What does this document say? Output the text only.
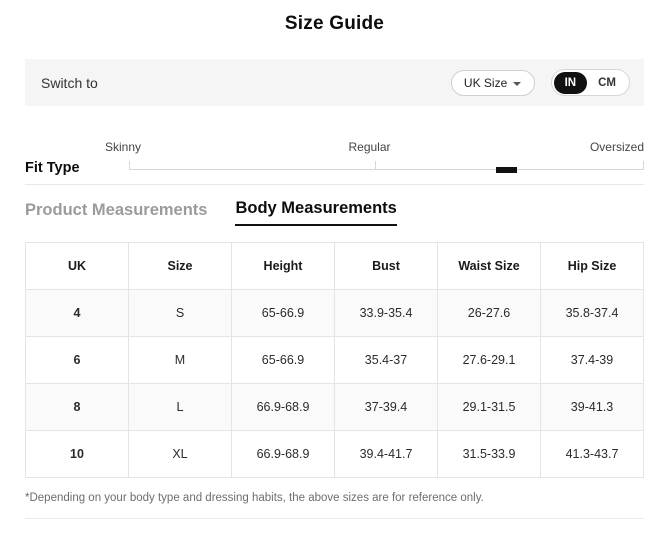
Size Guide
Switch to	UK Size	IN	CM
Fit Type
Skinny	Regular	Oversized
Product Measurements Body Measurements
UK	Size	Height	Bust	Waist Size	Hip Size
4	S	65-66.9	33.9-35.4	26-27.6	35.8-37.4
6	M	65-66.9	35.4-37	27.6-29.1	37.4-39
8	L	66.9-68.9	37-39.4	29.1-31.5	39-41.3
10	XL	66.9-68.9	39.4-41.7	31.5-33.9	41.3-43.7
*Depending on your body type and dressing habits, the above sizes are for reference only.
